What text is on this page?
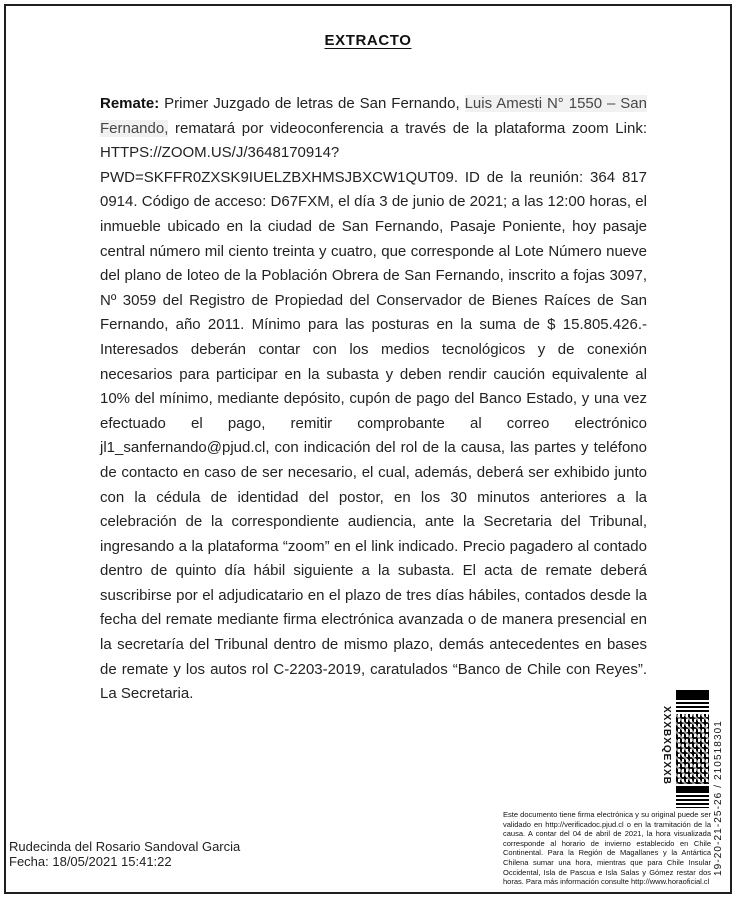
EXTRACTO
Remate: Primer Juzgado de letras de San Fernando, Luis Amesti N° 1550 – San Fernando, rematará por videoconferencia a través de la plataforma zoom Link: HTTPS://ZOOM.US/J/3648170914?PWD=SKFFR0ZXSK9IUELZBXHMSJBXCW1QUT09. ID de la reunión: 364 817 0914. Código de acceso: D67FXM, el día 3 de junio de 2021; a las 12:00 horas, el inmueble ubicado en la ciudad de San Fernando, Pasaje Poniente, hoy pasaje central número mil ciento treinta y cuatro, que corresponde al Lote Número nueve del plano de loteo de la Población Obrera de San Fernando, inscrito a fojas 3097, Nº 3059 del Registro de Propiedad del Conservador de Bienes Raíces de San Fernando, año 2011. Mínimo para las posturas en la suma de $ 15.805.426.- Interesados deberán contar con los medios tecnológicos y de conexión necesarios para participar en la subasta y deben rendir caución equivalente al 10% del mínimo, mediante depósito, cupón de pago del Banco Estado, y una vez efectuado el pago, remitir comprobante al correo electrónico jl1_sanfernando@pjud.cl, con indicación del rol de la causa, las partes y teléfono de contacto en caso de ser necesario, el cual, además, deberá ser exhibido junto con la cédula de identidad del postor, en los 30 minutos anteriores a la celebración de la correspondiente audiencia, ante la Secretaria del Tribunal, ingresando a la plataforma “zoom” en el link indicado. Precio pagadero al contado dentro de quinto día hábil siguiente a la subasta. El acta de remate deberá suscribirse por el adjudicatario en el plazo de tres días hábiles, contados desde la fecha del remate mediante firma electrónica avanzada o de manera presencial en la secretaría del Tribunal dentro de mismo plazo, demás antecedentes en bases de remate y los autos rol C-2203-2019, caratulados “Banco de Chile con Reyes”. La Secretaria.
Rudecinda del Rosario Sandoval Garcia
Fecha: 18/05/2021 15:41:22
XXXBXQEXXB	19-20-21-25-26 / 210518301
Este documento tiene firma electrónica y su original puede ser validado en http://verificadoc.pjud.cl o en la tramitación de la causa. A contar del 04 de abril de 2021, la hora visualizada corresponde al horario de invierno establecido en Chile Continental. Para la Región de Magallanes y la Antártica Chilena sumar una hora, mientras que para Chile Insular Occidental, Isla de Pascua e Isla Salas y Gómez restar dos horas. Para más información consulte http://www.horaoficial.cl
